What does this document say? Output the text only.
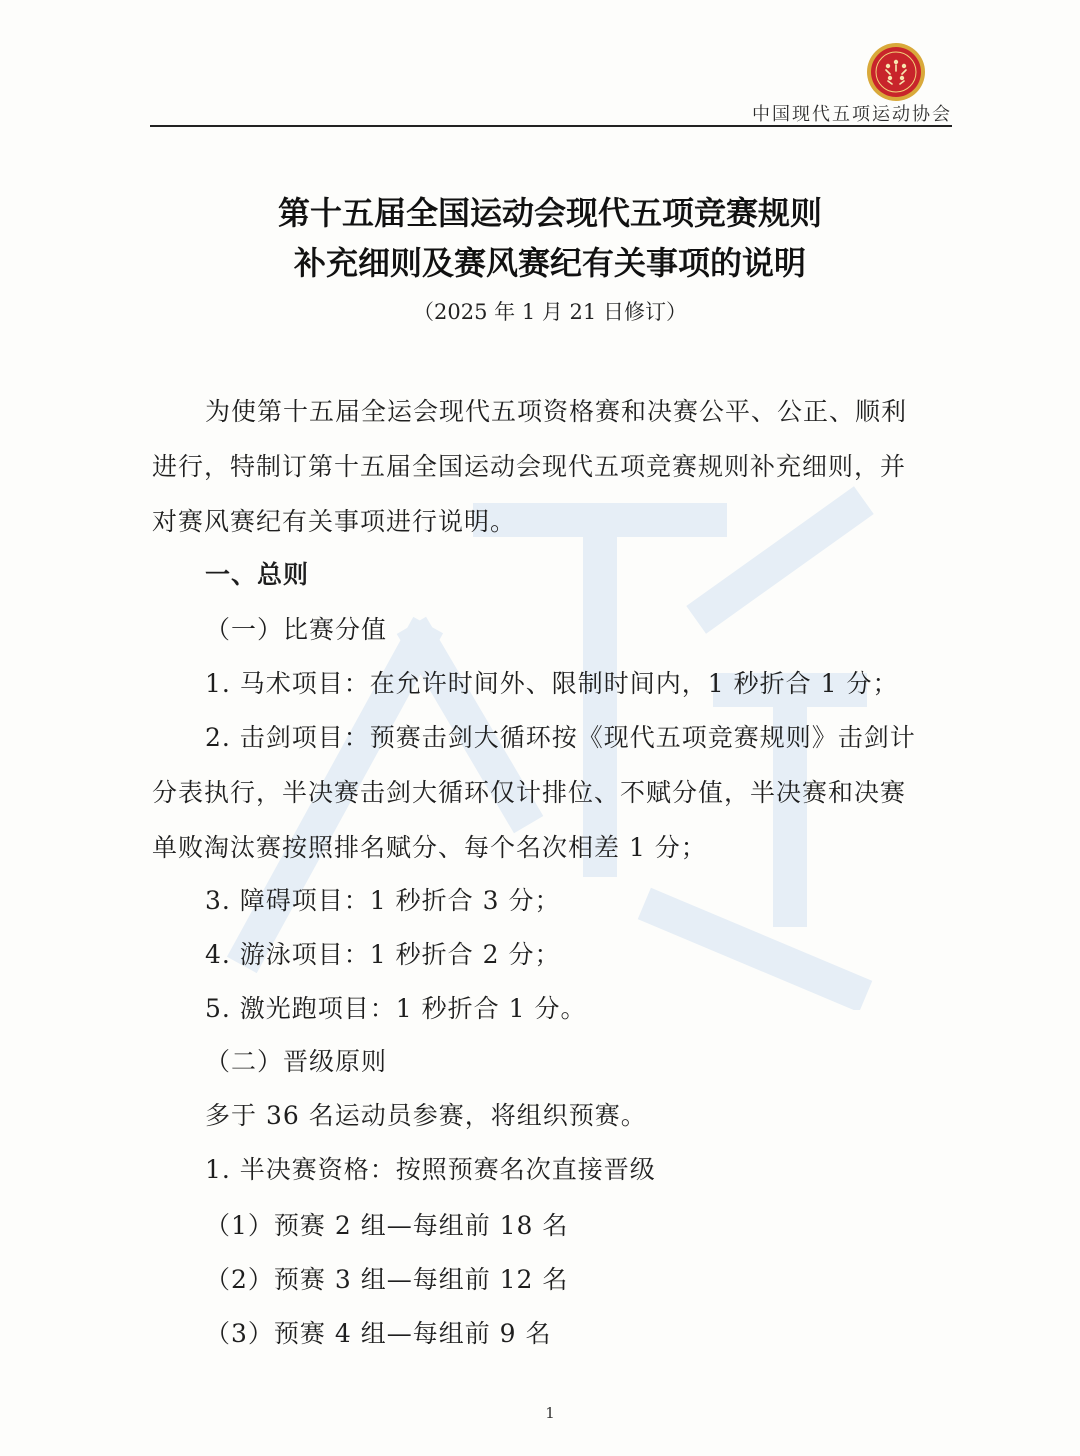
中国现代五项运动协会
第十五届全国运动会现代五项竞赛规则
补充细则及赛风赛纪有关事项的说明
（2025 年 1 月 21 日修订）
为使第十五届全运会现代五项资格赛和决赛公平、公正、顺利
进行，特制订第十五届全国运动会现代五项竞赛规则补充细则，并
对赛风赛纪有关事项进行说明。
一、总则
（一）比赛分值
1. 马术项目：在允许时间外、限制时间内，1 秒折合 1 分；
2. 击剑项目：预赛击剑大循环按《现代五项竞赛规则》击剑计
分表执行，半决赛击剑大循环仅计排位、不赋分值，半决赛和决赛
单败淘汰赛按照排名赋分、每个名次相差 1 分；
3. 障碍项目：1 秒折合 3 分；
4. 游泳项目：1 秒折合 2 分；
5. 激光跑项目：1 秒折合 1 分。
（二）晋级原则
多于 36 名运动员参赛，将组织预赛。
1. 半决赛资格：按照预赛名次直接晋级
（1）预赛 2 组—每组前 18 名
（2）预赛 3 组—每组前 12 名
（3）预赛 4 组—每组前 9 名
1
